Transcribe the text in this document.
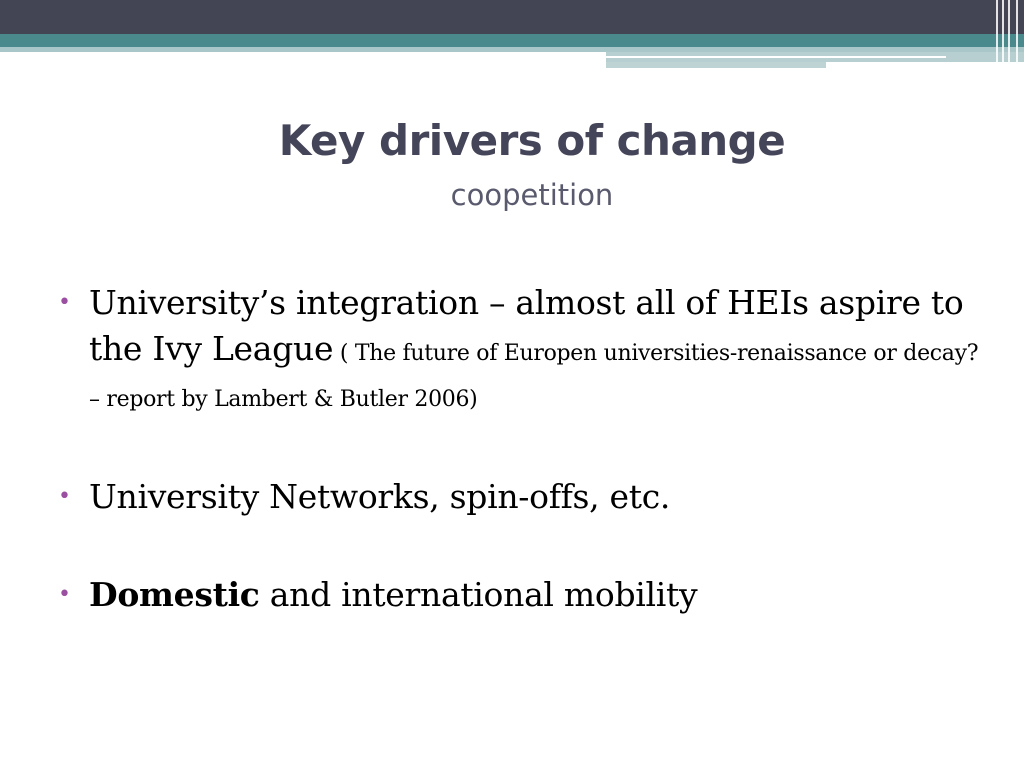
Key drivers of change
coopetition
• University’s integration – almost all of HEIs aspire to the Ivy League ( The future of Europen universities-renaissance or decay? – report by Lambert & Butler 2006)
• University Networks, spin-offs, etc.
• Domestic and international mobility
